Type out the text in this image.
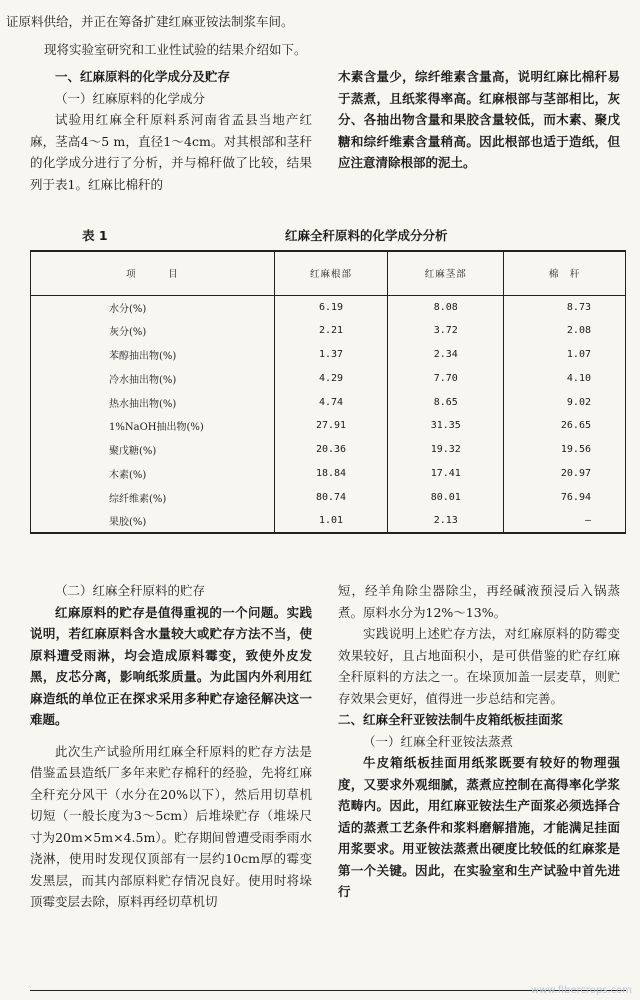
证原料供给，并正在筹备扩建红麻亚铵法制浆车间。
现将实验室研究和工业性试验的结果介绍如下。

一、红麻原料的化学成分及贮存

（一）红麻原料的化学成分

试验用红麻全秆原料系河南省孟县当地产红麻，茎高4～5 m，直径1～4cm。对其根部和茎秆的化学成分进行了分析，并与棉秆做了比较，结果列于表1。红麻比棉秆的

木素含量少，综纤维素含量高，说明红麻比棉秆易于蒸煮，且纸浆得率高。红麻根部与茎部相比，灰分、各抽出物含量和果胶含量较低，而木素、聚戊糖和综纤维素含量稍高。因此根部也适于造纸，但应注意清除根部的泥土。

表 1	红麻全秆原料的化学成分分析
项　　　目	红麻根部	红麻茎部	棉　秆
水分(%)	6.19	8.08	8.73
灰分(%)	2.21	3.72	2.08
苯醇抽出物(%)	1.37	2.34	1.07
冷水抽出物(%)	4.29	7.70	4.10
热水抽出物(%)	4.74	8.65	9.02
1%NaOH抽出物(%)	27.91	31.35	26.65
聚戊糖(%)	20.36	19.32	19.56
木素(%)	18.84	17.41	20.97
综纤维素(%)	80.74	80.01	76.94
果胶(%)	1.01	2.13	—

（二）红麻全秆原料的贮存

红麻原料的贮存是值得重视的一个问题。实践说明，若红麻原料含水量较大或贮存方法不当，使原料遭受雨淋，均会造成原料霉变，致使外皮发黑，皮芯分离，影响纸浆质量。为此国内外利用红麻造纸的单位正在探求采用多种贮存途径解决这一难题。

此次生产试验所用红麻全秆原料的贮存方法是借鉴孟县造纸厂多年来贮存棉秆的经验，先将红麻全秆充分风干（水分在20%以下），然后用切草机切短（一般长度为3～5cm）后堆垛贮存（堆垛尺寸为20m×5m×4.5m）。贮存期间曾遭受雨季雨水浇淋，使用时发现仅顶部有一层约10cm厚的霉变发黑层，而其内部原料贮存情况良好。使用时将垛顶霉变层去除，原料再经切草机切

短，经羊角除尘器除尘，再经碱液预浸后入锅蒸煮。原料水分为12%～13%。

实践说明上述贮存方法，对红麻原料的防霉变效果较好，且占地面积小，是可供借鉴的贮存红麻全秆原料的方法之一。在垛顶加盖一层麦草，则贮存效果会更好，值得进一步总结和完善。

二、红麻全秆亚铵法制牛皮箱纸板挂面浆

（一）红麻全秆亚铵法蒸煮

牛皮箱纸板挂面用纸浆既要有较好的物理强度，又要求外观细腻，蒸煮应控制在高得率化学浆范畴内。因此，用红麻亚铵法生产面浆必须选择合适的蒸煮工艺条件和浆料磨解措施，才能满足挂面用浆要求。用亚铵法蒸煮出硬度比较低的红麻浆是第一个关键。因此，在实验室和生产试验中首先进行

www.fibercrops.com
